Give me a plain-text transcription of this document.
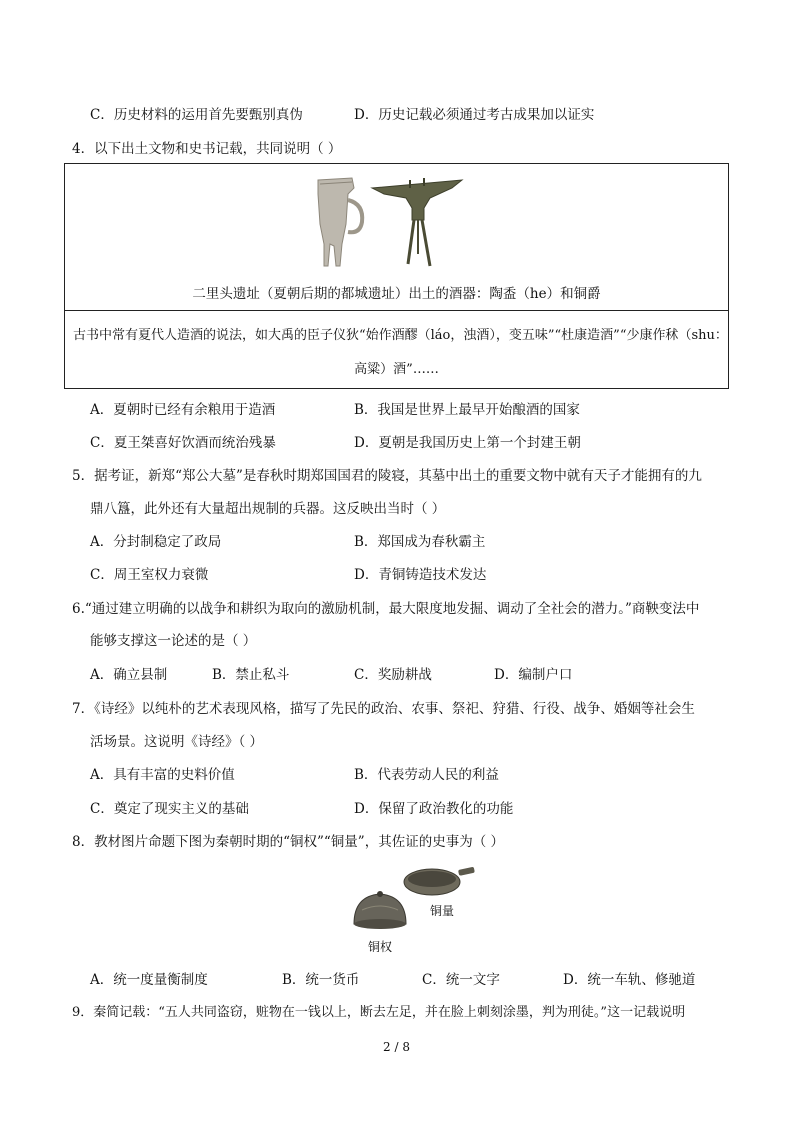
C．历史材料的运用首先要甄别真伪	D．历史记载必须通过考古成果加以证实
4．以下出土文物和史书记载，共同说明（ ）
二里头遗址（夏朝后期的都城遗址）出土的酒器：陶盉（he）和铜爵
古书中常有夏代人造酒的说法，如大禹的臣子仪狄“始作酒醪（láo，浊酒），变五味”“杜康造酒”“少康作秫（shu：
高粱）酒”……
A．夏朝时已经有余粮用于造酒	B．我国是世界上最早开始酿酒的国家
C．夏王桀喜好饮酒而统治残暴	D．夏朝是我国历史上第一个封建王朝
5．据考证，新郑“郑公大墓”是春秋时期郑国国君的陵寝，其墓中出土的重要文物中就有天子才能拥有的九
鼎八簋，此外还有大量超出规制的兵器。这反映出当时（ ）
A．分封制稳定了政局	B．郑国成为春秋霸主
C．周王室权力衰微	D．青铜铸造技术发达
6.“通过建立明确的以战争和耕织为取向的激励机制，最大限度地发掘、调动了全社会的潜力。”商鞅变法中
能够支撑这一论述的是（ ）
A．确立县制	B．禁止私斗	C．奖励耕战	D．编制户口
7．《诗经》以纯朴的艺术表现风格，描写了先民的政治、农事、祭祀、狩猎、行役、战争、婚姻等社会生
活场景。这说明《诗经》（ ）
A．具有丰富的史料价值	B．代表劳动人民的利益
C．奠定了现实主义的基础	D．保留了政治教化的功能
8．教材图片命题下图为秦朝时期的“铜权”“铜量”，其佐证的史事为（ ）
铜量
铜权
A．统一度量衡制度	B．统一货币	C．统一文字	D．统一车轨、修驰道
9．秦简记载：“五人共同盗窃，赃物在一钱以上，断去左足，并在脸上刺刻涂墨，判为刑徒。”这一记载说明
2 / 8
